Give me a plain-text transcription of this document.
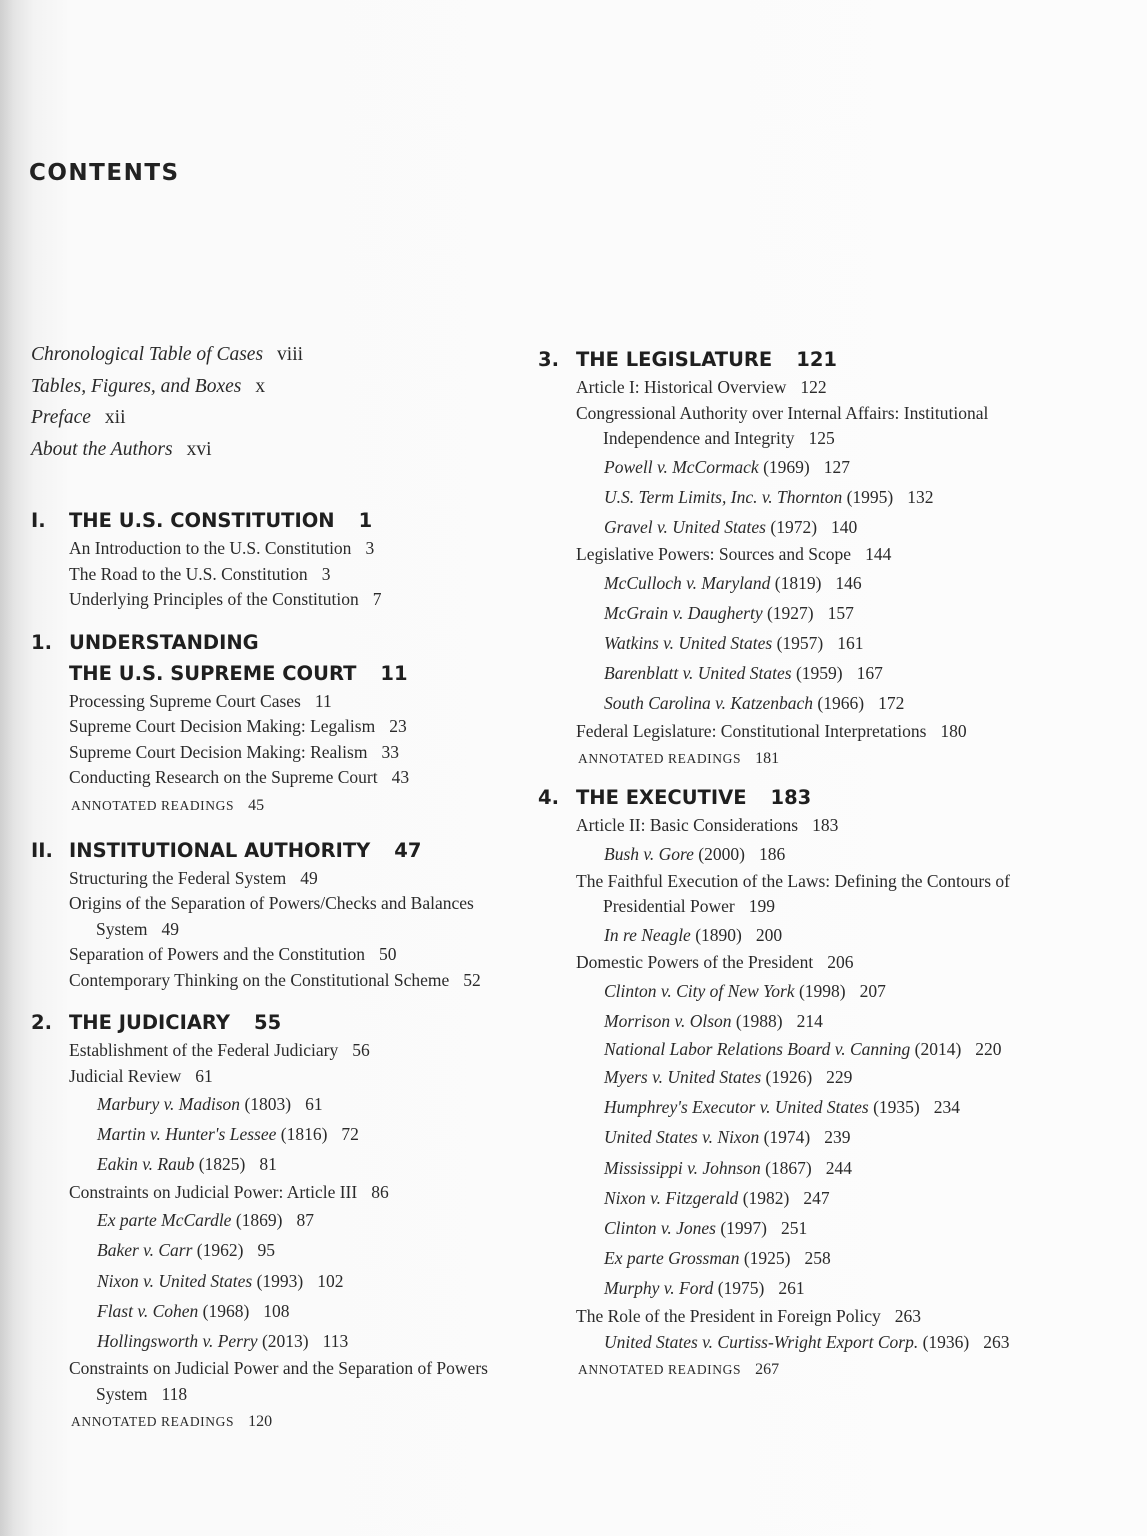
CONTENTS
Chronological Table of Cases viii
Tables, Figures, and Boxes x
Preface xii
About the Authors xvi
I. THE U.S. CONSTITUTION 1
An Introduction to the U.S. Constitution 3
The Road to the U.S. Constitution 3
Underlying Principles of the Constitution 7
1. UNDERSTANDING
THE U.S. SUPREME COURT 11
Processing Supreme Court Cases 11
Supreme Court Decision Making: Legalism 23
Supreme Court Decision Making: Realism 33
Conducting Research on the Supreme Court 43
ANNOTATED READINGS 45
II. INSTITUTIONAL AUTHORITY 47
Structuring the Federal System 49
Origins of the Separation of Powers/Checks and Balances System 49
Separation of Powers and the Constitution 50
Contemporary Thinking on the Constitutional Scheme 52
2. THE JUDICIARY 55
Establishment of the Federal Judiciary 56
Judicial Review 61
Marbury v. Madison (1803) 61
Martin v. Hunter's Lessee (1816) 72
Eakin v. Raub (1825) 81
Constraints on Judicial Power: Article III 86
Ex parte McCardle (1869) 87
Baker v. Carr (1962) 95
Nixon v. United States (1993) 102
Flast v. Cohen (1968) 108
Hollingsworth v. Perry (2013) 113
Constraints on Judicial Power and the Separation of Powers System 118
ANNOTATED READINGS 120
3. THE LEGISLATURE 121
Article I: Historical Overview 122
Congressional Authority over Internal Affairs: Institutional Independence and Integrity 125
Powell v. McCormack (1969) 127
U.S. Term Limits, Inc. v. Thornton (1995) 132
Gravel v. United States (1972) 140
Legislative Powers: Sources and Scope 144
McCulloch v. Maryland (1819) 146
McGrain v. Daugherty (1927) 157
Watkins v. United States (1957) 161
Barenblatt v. United States (1959) 167
South Carolina v. Katzenbach (1966) 172
Federal Legislature: Constitutional Interpretations 180
ANNOTATED READINGS 181
4. THE EXECUTIVE 183
Article II: Basic Considerations 183
Bush v. Gore (2000) 186
The Faithful Execution of the Laws: Defining the Contours of Presidential Power 199
In re Neagle (1890) 200
Domestic Powers of the President 206
Clinton v. City of New York (1998) 207
Morrison v. Olson (1988) 214
National Labor Relations Board v. Canning (2014) 220
Myers v. United States (1926) 229
Humphrey's Executor v. United States (1935) 234
United States v. Nixon (1974) 239
Mississippi v. Johnson (1867) 244
Nixon v. Fitzgerald (1982) 247
Clinton v. Jones (1997) 251
Ex parte Grossman (1925) 258
Murphy v. Ford (1975) 261
The Role of the President in Foreign Policy 263
United States v. Curtiss-Wright Export Corp. (1936) 263
ANNOTATED READINGS 267
